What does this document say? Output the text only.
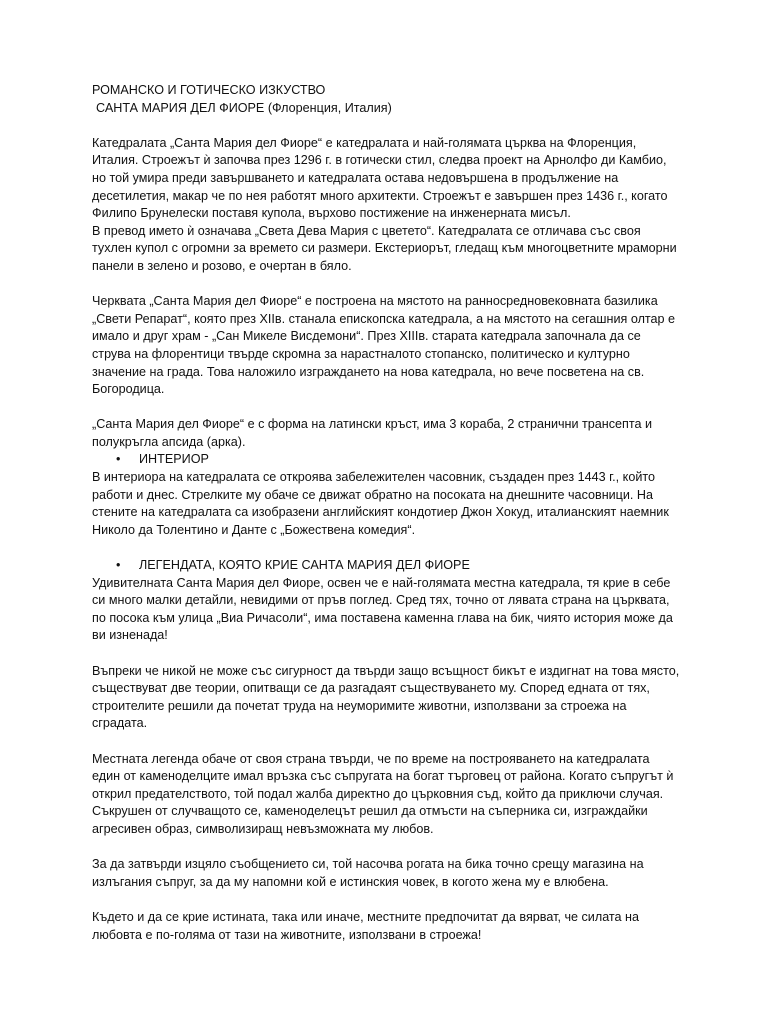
РОМАНСКО И ГОТИЧЕСКО ИЗКУСТВО

САНТА МАРИЯ ДЕЛ ФИОРЕ (Флоренция, Италия)

Катедралата „Санта Мария дел Фиоре“ е катедралата и най-голямата църква на Флоренция, Италия. Строежът ѝ започва през 1296 г. в готически стил, следва проект на Арнолфо ди Камбио, но той умира преди завършването и катедралата остава недовършена в продължение на десетилетия, макар че по нея работят много архитекти. Строежът е завършен през 1436 г., когато Филипо Брунелески поставя купола, върхово постижение на инженерната мисъл.

В превод името ѝ означава „Света Дева Мария с цветето“. Катедралата се отличава със своя тухлен купол с огромни за времето си размери. Екстериорът, гледащ към многоцветните мраморни панели в зелено и розово, е очертан в бяло.

Черквата „Санта Мария дел Фиоре“ е построена на мястото на ранносредновековната базилика „Свети Репарат“, която през XIIв. станала епископска катедрала, а на мястото на сегашния олтар е имало и друг храм - „Сан Микеле Висдемони“. През XIIIв. старата катедрала започнала да се струва на флорентици твърде скромна за нарастналото стопанско, политическо и културно значение на града. Това наложило изграждането на нова катедрала, но вече посветена на св. Богородица.

„Санта Мария дел Фиоре“ е с форма на латински кръст, има 3 кораба, 2 странични трансепта и полукръгла апсида (арка).

•	ИНТЕРИОР

В интериора на катедралата се откроява забележителен часовник, създаден през 1443 г., който работи и днес. Стрелките му обаче се движат обратно на посоката на днешните часовници. На стените на катедралата са изобразени английският кондотиер Джон Хокуд, италианският наемник Николо да Толентино и Данте с „Божествена комедия“.

•	ЛЕГЕНДАТА, КОЯТО КРИЕ САНТА МАРИЯ ДЕЛ ФИОРЕ

Удивителната Санта Мария дел Фиоре, освен че е най-голямата местна катедрала, тя крие в себе си много малки детайли, невидими от пръв поглед. Сред тях, точно от лявата страна на църквата, по посока към улица „Виа Ричасоли“, има поставена каменна глава на бик, чиято история може да ви изненада!

Въпреки че никой не може със сигурност да твърди защо всъщност бикът е издигнат на това място, съществуват две теории, опитващи се да разгадаят съществуването му. Според едната от тях, строителите решили да почетат труда на неуморимите животни, използвани за строежа на сградата.

Местната легенда обаче от своя страна твърди, че по време на построяването на катедралата един от каменоделците имал връзка със съпругата на богат търговец от района. Когато съпругът ѝ открил предателството, той подал жалба директно до църковния съд, който да приключи случая. Съкрушен от случващото се, каменоделецът решил да отмъсти на съперника си, изграждайки агресивен образ, символизиращ невъзможната му любов.

За да затвърди изцяло съобщението си, той насочва рогата на бика точно срещу магазина на излъгания съпруг, за да му напомни кой е истинския човек, в когото жена му е влюбена.

Където и да се крие истината, така или иначе, местните предпочитат да вярват, че силата на любовта е по-голяма от тази на животните, използвани в строежа!
